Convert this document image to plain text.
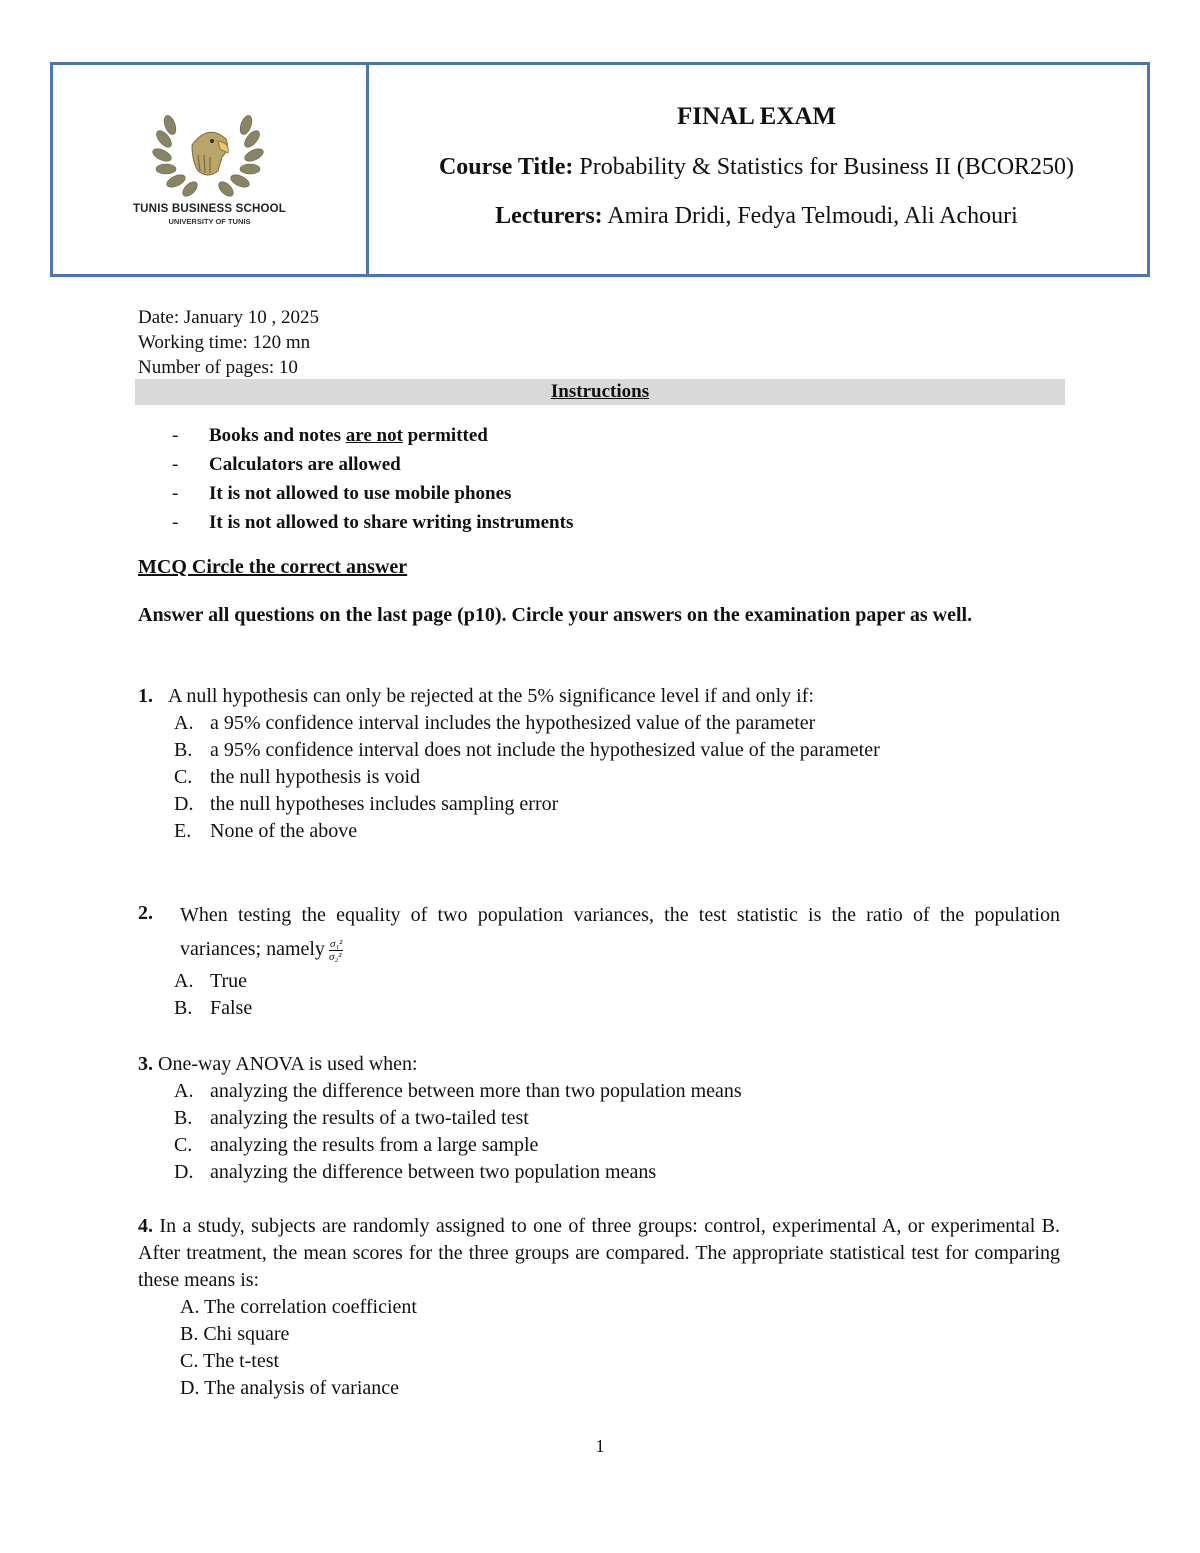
TUNIS BUSINESS SCHOOL
UNIVERSITY OF TUNIS
FINAL EXAM
Course Title: Probability & Statistics for Business II (BCOR250)
Lecturers: Amira Dridi, Fedya Telmoudi, Ali Achouri
Date: January 10 , 2025
Working time: 120 mn
Number of pages: 10
Instructions
- Books and notes are not permitted
- Calculators are allowed
- It is not allowed to use mobile phones
- It is not allowed to share writing instruments
MCQ Circle the correct answer
Answer all questions on the last page (p10). Circle your answers on the examination paper as well.
1. A null hypothesis can only be rejected at the 5% significance level if and only if:
A. a 95% confidence interval includes the hypothesized value of the parameter
B. a 95% confidence interval does not include the hypothesized value of the parameter
C. the null hypothesis is void
D. the null hypotheses includes sampling error
E. None of the above
2. When testing the equality of two population variances, the test statistic is the ratio of the population variances; namely $\frac{\text{σ₁²}}{\text{σ₂²}}$
A. True
B. False
3. One-way ANOVA is used when:
A. analyzing the difference between more than two population means
B. analyzing the results of a two-tailed test
C. analyzing the results from a large sample
D. analyzing the difference between two population means
4. In a study, subjects are randomly assigned to one of three groups: control, experimental A, or experimental B. After treatment, the mean scores for the three groups are compared. The appropriate statistical test for comparing these means is:
A. The correlation coefficient
B. Chi square
C. The t-test
D. The analysis of variance
1
